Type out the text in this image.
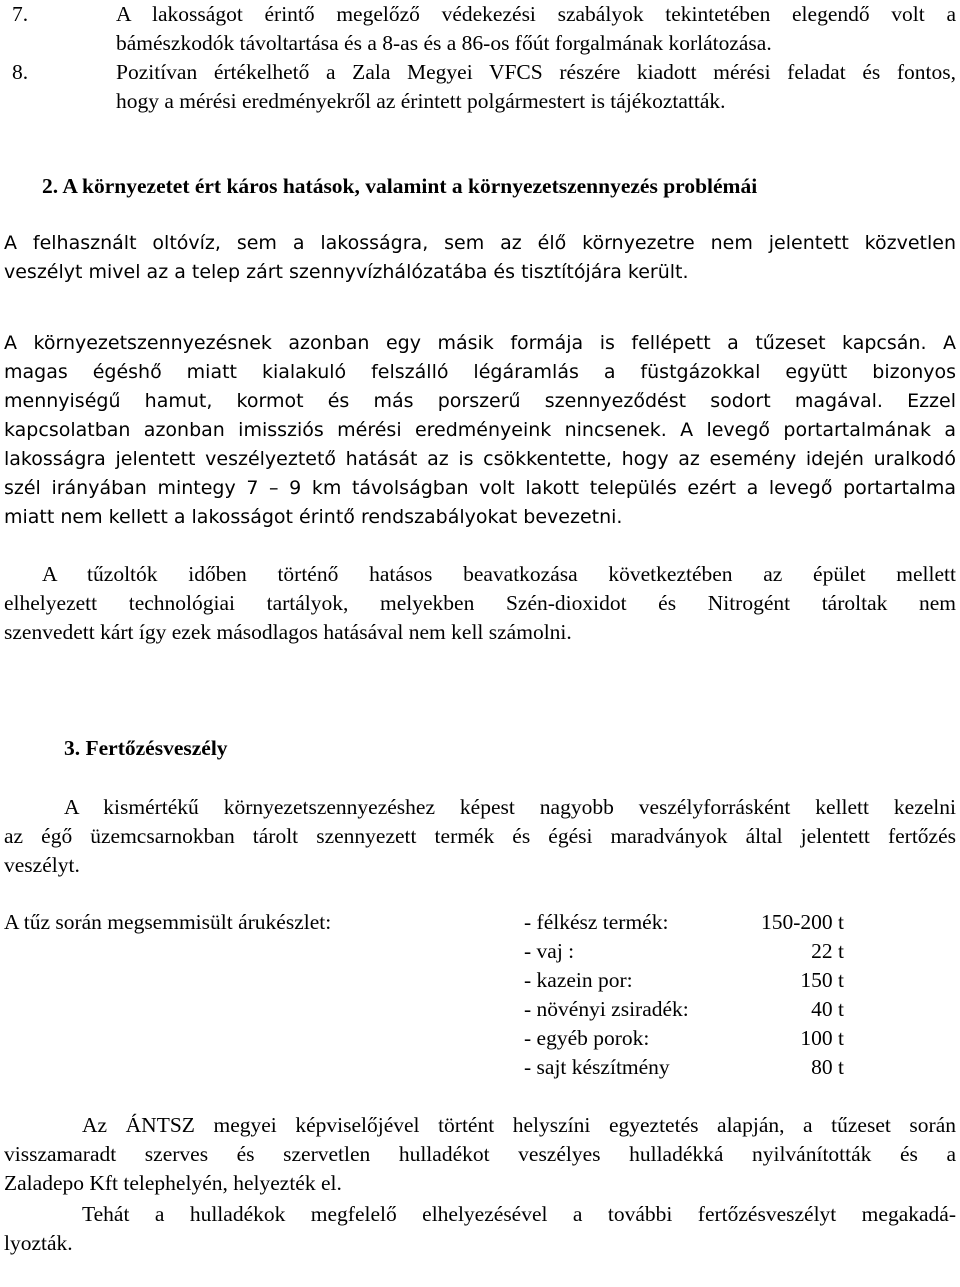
7.	A lakosságot érintő megelőző védekezési szabályok tekintetében elegendő volt a
bámészkodók távoltartása és a 8-as és a 86-os főút forgalmának korlátozása.
8.	Pozitívan értékelhető a Zala Megyei VFCS részére kiadott mérési feladat és fontos,
hogy a mérési eredményekről az érintett polgármestert is tájékoztatták.
2. A környezetet ért káros hatások, valamint a környezetszennyezés problémái
A felhasznált oltóvíz, sem a lakosságra, sem az élő környezetre nem jelentett közvetlen
veszélyt mivel az a telep zárt szennyvízhálózatába és tisztítójára került.
A környezetszennyezésnek azonban egy másik formája is fellépett a tűzeset kapcsán. A
magas égéshő miatt kialakuló felszálló légáramlás a füstgázokkal együtt bizonyos
mennyiségű hamut, kormot és más porszerű szennyeződést sodort magával. Ezzel
kapcsolatban azonban imissziós mérési eredményeink nincsenek. A levegő portartalmának a
lakosságra jelentett veszélyeztető hatását az is csökkentette, hogy az esemény idején uralkodó
szél irányában mintegy 7 – 9 km távolságban volt lakott település ezért a levegő portartalma
miatt nem kellett a lakosságot érintő rendszabályokat bevezetni.
A tűzoltók időben történő hatásos beavatkozása következtében az épület mellett
elhelyezett technológiai tartályok, melyekben Szén-dioxidot és Nitrogént tároltak nem
szenvedett kárt így ezek másodlagos hatásával nem kell számolni.
3. Fertőzésveszély
A kismértékű környezetszennyezéshez képest nagyobb veszélyforrásként kellett kezelni
az égő üzemcsarnokban tárolt szennyezett termék és égési maradványok által jelentett fertőzés
veszélyt.
A tűz során megsemmisült árukészlet:	- félkész termék:	150-200 t
- vaj :	22 t
- kazein por:	150 t
- növényi zsiradék:	40 t
- egyéb porok:	100 t
- sajt készítmény	80 t
Az ÁNTSZ megyei képviselőjével történt helyszíni egyeztetés alapján, a tűzeset során
visszamaradt szerves és szervetlen hulladékot veszélyes hulladékká nyilvánították és a
Zaladepo Kft telephelyén, helyezték el.
Tehát a hulladékok megfelelő elhelyezésével a további fertőzésveszélyt megakadá-
lyozták.
